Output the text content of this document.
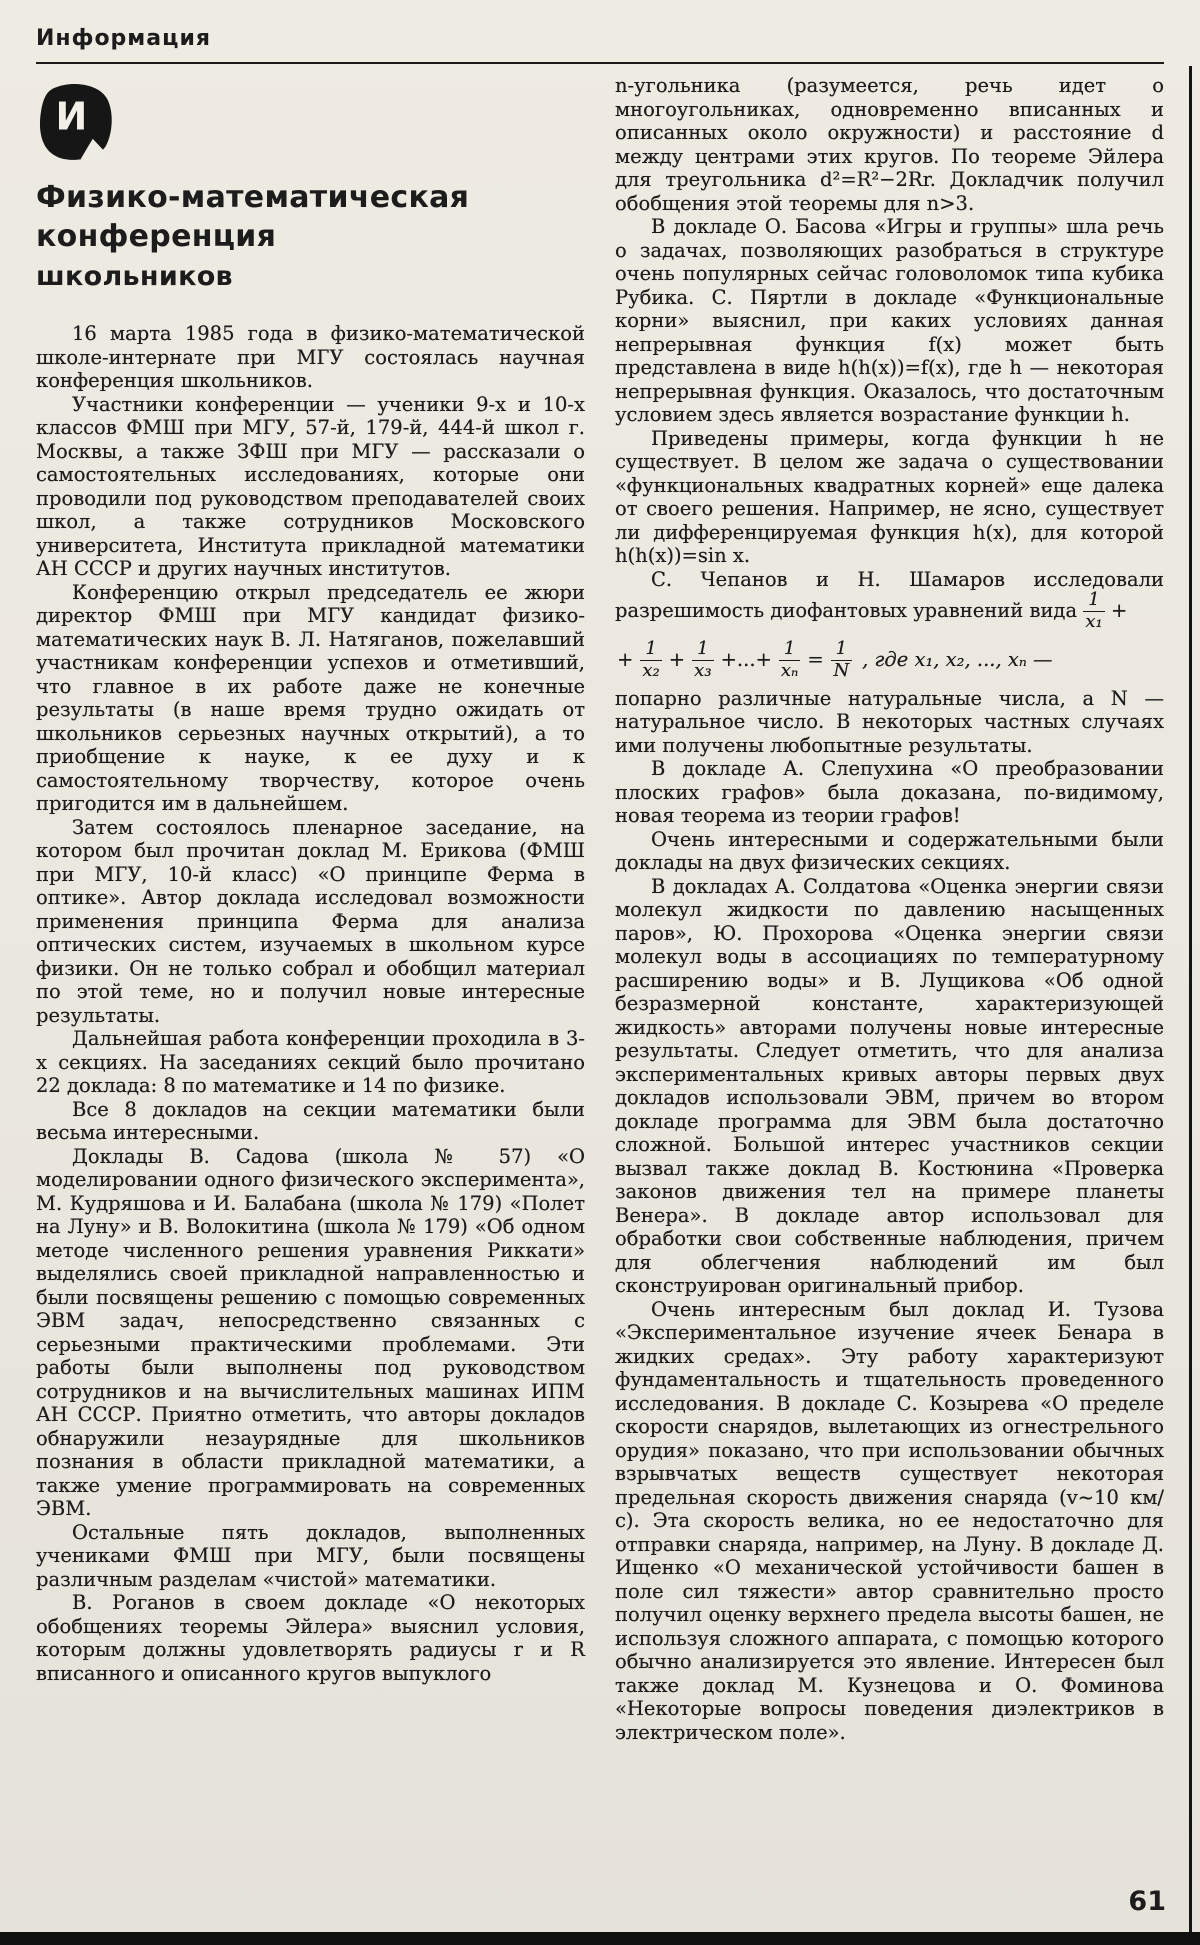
Информация
И
Физико-математическая конференция
школьников

16 марта 1985 года в физико-математической школе-интернате при МГУ состоялась научная конференция школьников.

Участники конференции — ученики 9-х и 10-х классов ФМШ при МГУ, 57-й, 179-й, 444-й школ г. Москвы, а также ЗФШ при МГУ — рассказали о самостоятельных исследованиях, которые они проводили под руководством преподавателей своих школ, а также сотрудников Московского университета, Института прикладной математики АН СССР и других научных институтов.

Конференцию открыл председатель ее жюри директор ФМШ при МГУ кандидат физико-математических наук В. Л. Натяганов, пожелавший участникам конференции успехов и отметивший, что главное в их работе даже не конечные результаты (в наше время трудно ожидать от школьников серьезных научных открытий), а то приобщение к науке, к ее духу и к самостоятельному творчеству, которое очень пригодится им в дальнейшем.

Затем состоялось пленарное заседание, на котором был прочитан доклад М. Ерикова (ФМШ при МГУ, 10-й класс) «О принципе Ферма в оптике». Автор доклада исследовал возможности применения принципа Ферма для анализа оптических систем, изучаемых в школьном курсе физики. Он не только собрал и обобщил материал по этой теме, но и получил новые интересные результаты.

Дальнейшая работа конференции проходила в 3-х секциях. На заседаниях секций было прочитано 22 доклада: 8 по математике и 14 по физике.

Все 8 докладов на секции математики были весьма интересными.

Доклады В. Садова (школа № 57) «О моделировании одного физического эксперимента», М. Кудряшова и И. Балабана (школа № 179) «Полет на Луну» и В. Волокитина (школа № 179) «Об одном методе численного решения уравнения Риккати» выделялись своей прикладной направленностью и были посвящены решению с помощью современных ЭВМ задач, непосредственно связанных с серьезными практическими проблемами. Эти работы были выполнены под руководством сотрудников и на вычислительных машинах ИПМ АН СССР. Приятно отметить, что авторы докладов обнаружили незаурядные для школьников познания в области прикладной математики, а также умение программировать на современных ЭВМ.

Остальные пять докладов, выполненных учениками ФМШ при МГУ, были посвящены различным разделам «чистой» математики.

В. Роганов в своем докладе «О некоторых обобщениях теоремы Эйлера» выяснил условия, которым должны удовлетворять радиусы r и R вписанного и описанного кругов выпуклого

n-угольника (разумеется, речь идет о многоугольниках, одновременно вписанных и описанных около окружности) и расстояние d между центрами этих кругов. По теореме Эйлера для треугольника d²=R²−2Rr. Докладчик получил обобщения этой теоремы для n>3.

В докладе О. Басова «Игры и группы» шла речь о задачах, позволяющих разобраться в структуре очень популярных сейчас головоломок типа кубика Рубика. С. Пяртли в докладе «Функциональные корни» выяснил, при каких условиях данная непрерывная функция f(x) может быть представлена в виде h(h(x))=f(x), где h — некоторая непрерывная функция. Оказалось, что достаточным условием здесь является возрастание функции h.

Приведены примеры, когда функции h не существует. В целом же задача о существовании «функциональных квадратных корней» еще далека от своего решения. Например, не ясно, существует ли дифференцируемая функция h(x), для которой h(h(x))=sin x.

С. Чепанов и Н. Шамаров исследовали разрешимость диофантовых уравнений вида $\frac{1}{\text{x₁}}$ +

+ $\frac{1}{\text{x₂}} + \frac{1}{\text{x₃}}$ +...+ $\frac{1}{\text{xₙ}} = \frac{1}{N}$ , где x₁, x₂, ..., xₙ —

попарно различные натуральные числа, а N — натуральное число. В некоторых частных случаях ими получены любопытные результаты.

В докладе А. Слепухина «О преобразовании плоских графов» была доказана, по-видимому, новая теорема из теории графов!

Очень интересными и содержательными были доклады на двух физических секциях.

В докладах А. Солдатова «Оценка энергии связи молекул жидкости по давлению насыщенных паров», Ю. Прохорова «Оценка энергии связи молекул воды в ассоциациях по температурному расширению воды» и В. Лущикова «Об одной безразмерной константе, характеризующей жидкость» авторами получены новые интересные результаты. Следует отметить, что для анализа экспериментальных кривых авторы первых двух докладов использовали ЭВМ, причем во втором докладе программа для ЭВМ была достаточно сложной. Большой интерес участников секции вызвал также доклад В. Костюнина «Проверка законов движения тел на примере планеты Венера». В докладе автор использовал для обработки свои собственные наблюдения, причем для облегчения наблюдений им был сконструирован оригинальный прибор.

Очень интересным был доклад И. Тузова «Экспериментальное изучение ячеек Бенара в жидких средах». Эту работу характеризуют фундаментальность и тщательность проведенного исследования. В докладе С. Козырева «О пределе скорости снарядов, вылетающих из огнестрельного орудия» показано, что при использовании обычных взрывчатых веществ существует некоторая предельная скорость движения снаряда (v~10 км/с). Эта скорость велика, но ее недостаточно для отправки снаряда, например, на Луну. В докладе Д. Ищенко «О механической устойчивости башен в поле сил тяжести» автор сравнительно просто получил оценку верхнего предела высоты башен, не используя сложного аппарата, с помощью которого обычно анализируется это явление. Интересен был также доклад М. Кузнецова и О. Фоминова «Некоторые вопросы поведения диэлектриков в электрическом поле».

61
